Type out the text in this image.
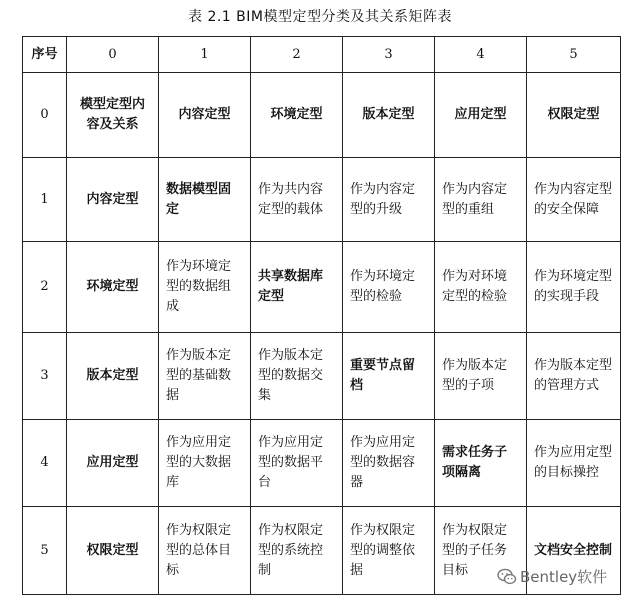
表 2.1 BIM模型定型分类及其关系矩阵表
序号	0	1	2	3	4	5
0	模型定型内容及关系	内容定型	环境定型	版本定型	应用定型	权限定型
1	内容定型	数据模型固定	作为共内容定型的载体	作为内容定型的升级	作为内容定型的重组	作为内容定型的安全保障
2	环境定型	作为环境定型的数据组成	共享数据库定型	作为环境定型的检验	作为对环境定型的检验	作为环境定型的实现手段
3	版本定型	作为版本定型的基础数据	作为版本定型的数据交集	重要节点留档	作为版本定型的子项	作为版本定型的管理方式
4	应用定型	作为应用定型的大数据库	作为应用定型的数据平台	作为应用定型的数据容器	需求任务子项隔离	作为应用定型的目标操控
5	权限定型	作为权限定型的总体目标	作为权限定型的系统控制	作为权限定型的调整依据	作为权限定型的子任务目标	文档安全控制
Bentley软件
